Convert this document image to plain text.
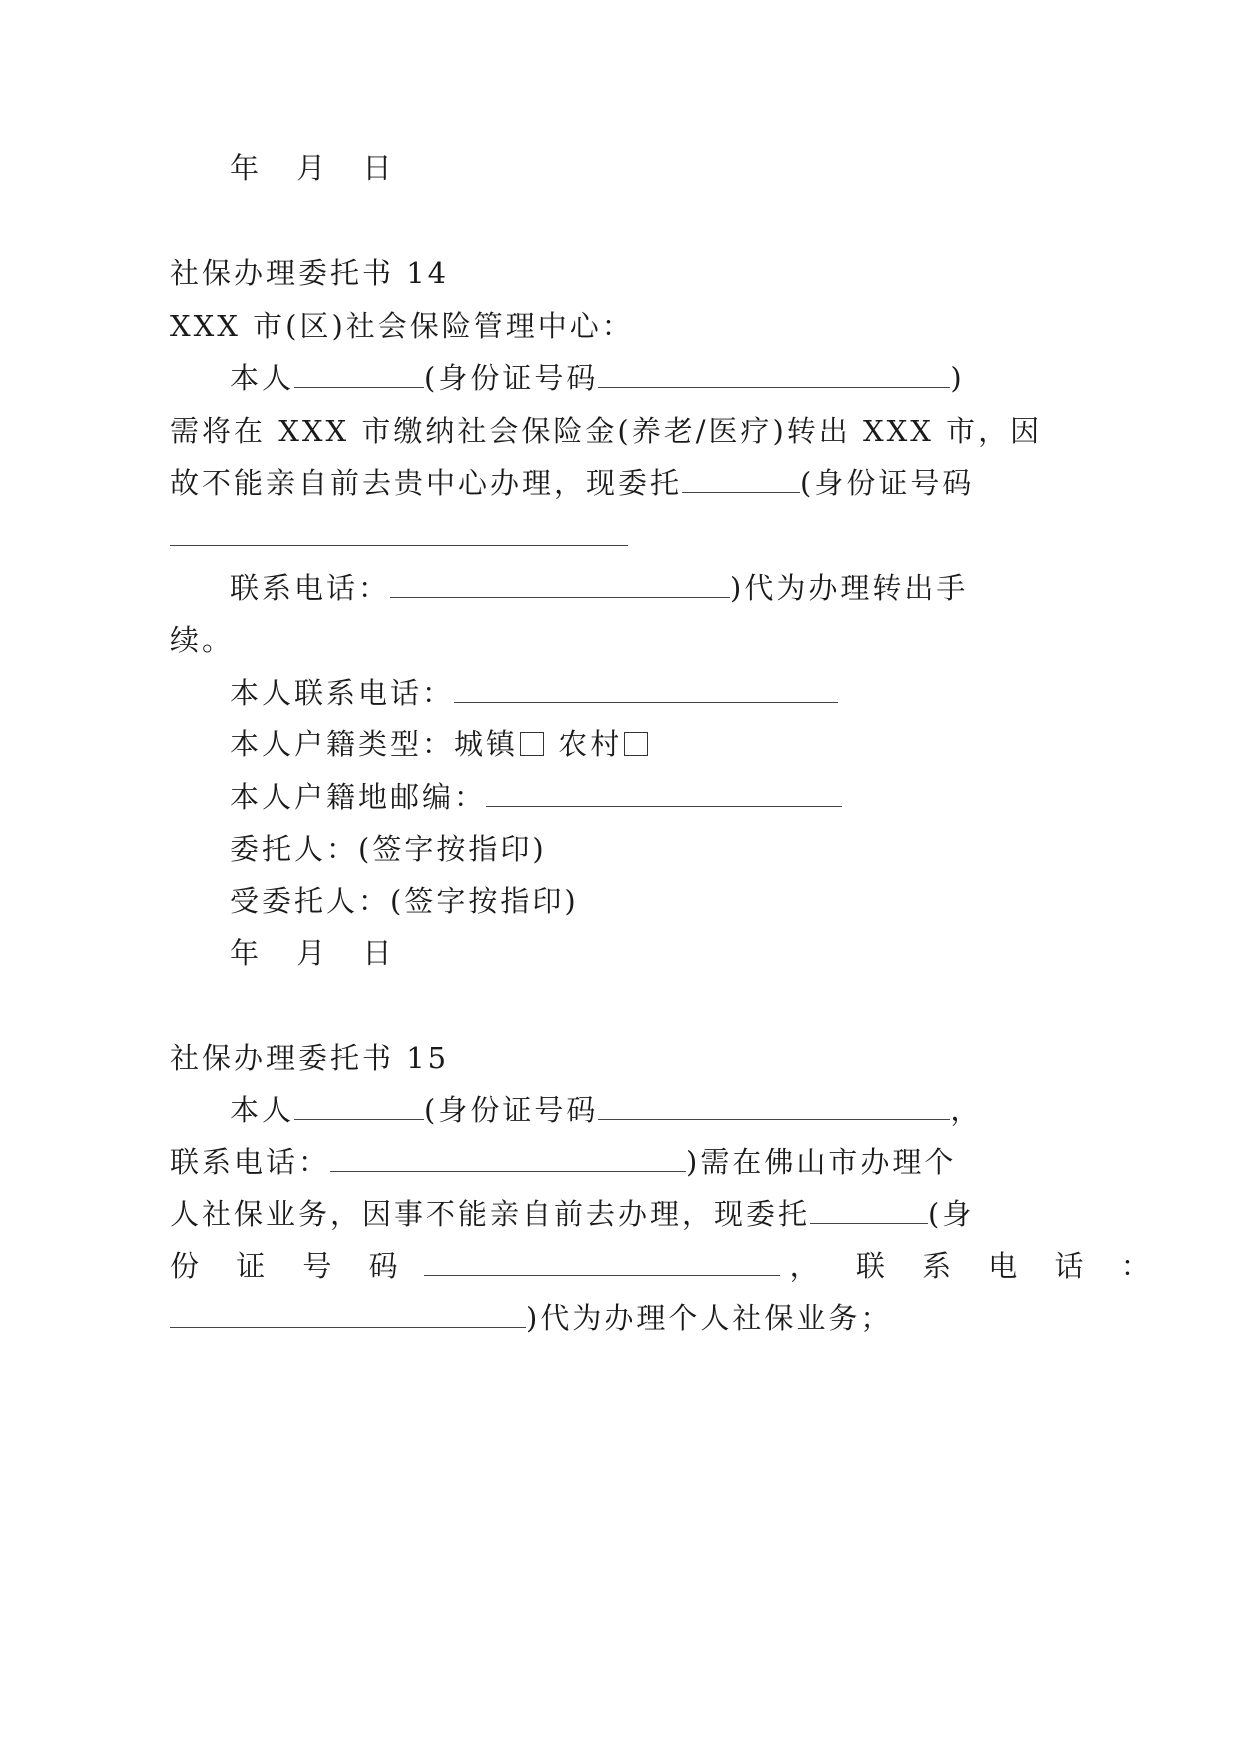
年 月 日
社保办理委托书 14
XXX 市(区)社会保险管理中心：
本人	(身份证号码	)
需将在 XXX 市缴纳社会保险金(养老/医疗)转出 XXX 市，因
故不能亲自前去贵中心办理，现委托	(身份证号码
联系电话：	)代为办理转出手
续。
本人联系电话：
本人户籍类型：城镇 农村
本人户籍地邮编：
委托人：(签字按指印)
受委托人：(签字按指印)
年 月 日
社保办理委托书 15
本人	(身份证号码	，
联系电话：	)需在佛山市办理个
人社保业务，因事不能亲自前去办理，现委托	(身
份 证 号 码	， 联 系 电 话 ：
)代为办理个人社保业务；
